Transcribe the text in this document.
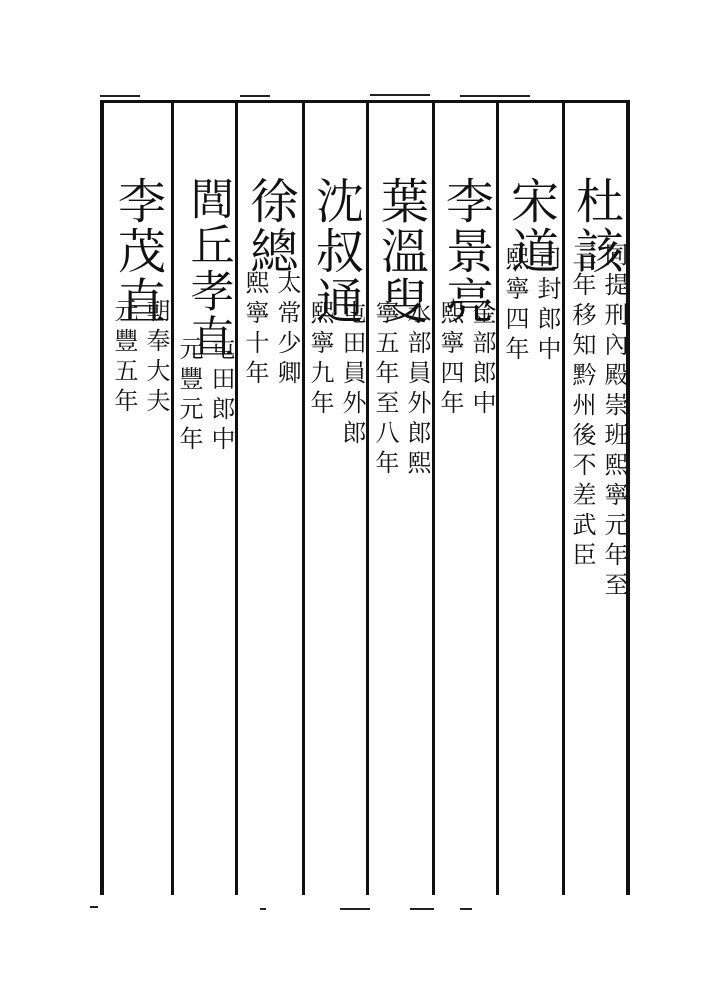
杜該
同提刑內殿崇班熙寧元年至
三年移知黔州後不差武臣
宋道
司封郎中
熙寧四年
李景亮
金部郎中
熙寧四年
葉溫叟
水部員外郎熙
寧五年至八年
沈叔通
屯田員外郎
熙寧九年
徐總
太常少卿
熙寧十年
閭丘孝直
屯田郎中
元豐元年
李茂直
朝奉大夫
元豐五年
